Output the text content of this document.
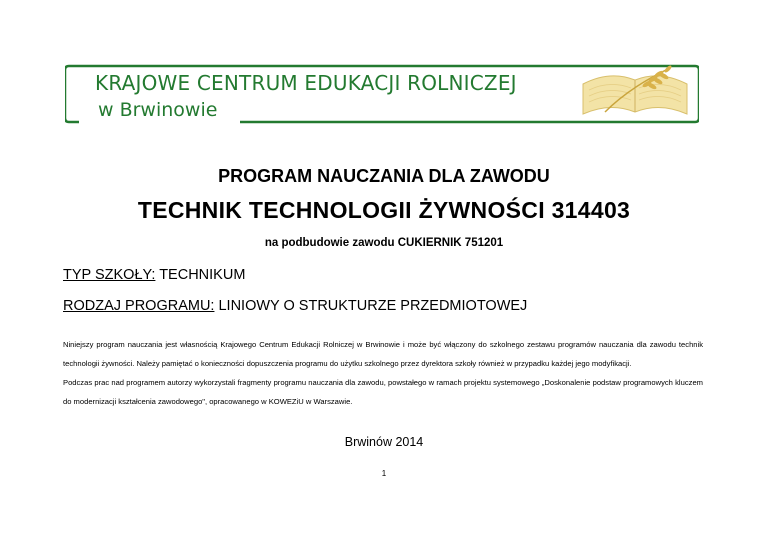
KRAJOWE CENTRUM EDUKACJI ROLNICZEJ
w Brwinowie
PROGRAM NAUCZANIA DLA ZAWODU
TECHNIK TECHNOLOGII ŻYWNOŚCI 314403
na podbudowie zawodu CUKIERNIK 751201
TYP SZKOŁY: TECHNIKUM
RODZAJ PROGRAMU: LINIOWY O STRUKTURZE PRZEDMIOTOWEJ
Niniejszy program nauczania jest własnością Krajowego Centrum Edukacji Rolniczej w Brwinowie i może być włączony do szkolnego zestawu programów nauczania dla zawodu technik technologii żywności. Należy pamiętać o konieczności dopuszczenia programu do użytku szkolnego przez dyrektora szkoły również w przypadku każdej jego modyfikacji.
Podczas prac nad programem autorzy wykorzystali fragmenty programu nauczania dla zawodu, powstałego w ramach projektu systemowego „Doskonalenie podstaw programowych kluczem do modernizacji kształcenia zawodowego", opracowanego w KOWEZiU w Warszawie.
Brwinów 2014
1
